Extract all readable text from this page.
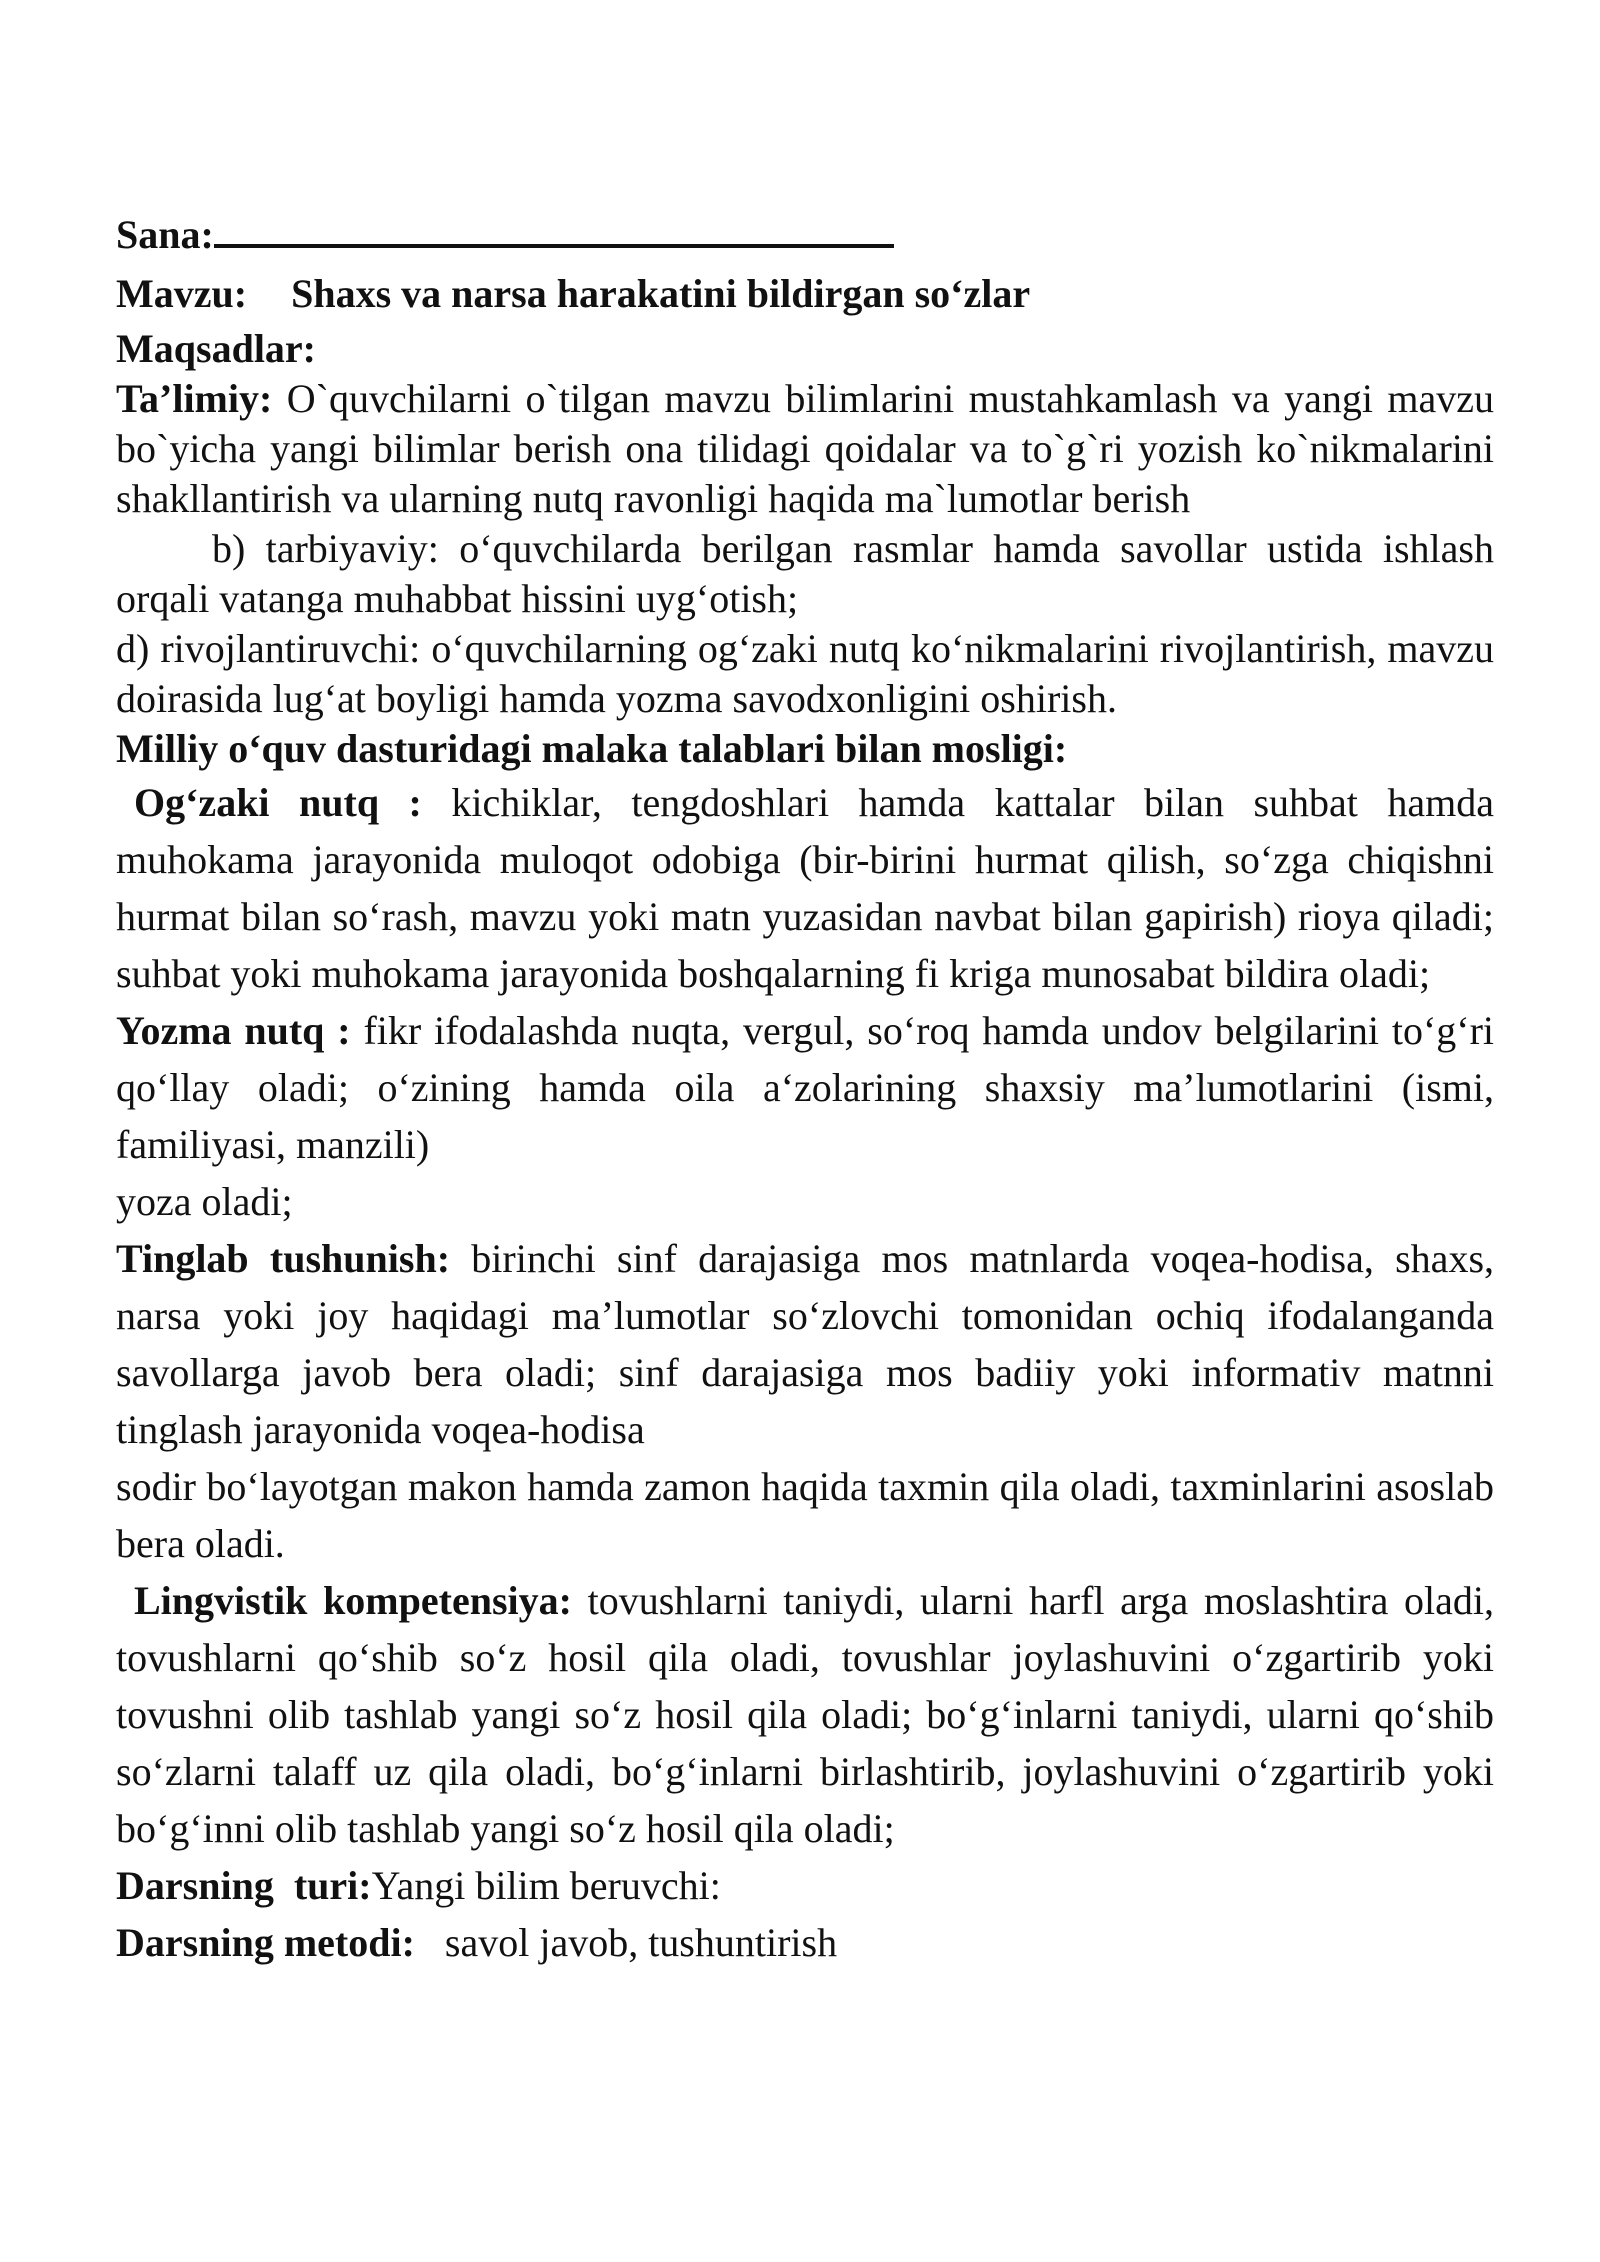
Sana:
Mavzu: Shaxs va narsa harakatini bildirgan so‘zlar
Maqsadlar:

Ta’limiy: O`quvchilarni o`tilgan mavzu bilimlarini mustahkamlash va yangi mavzu bo`yicha yangi bilimlar berish ona tilidagi qoidalar va to`g`ri yozish ko`nikmalarini shakllantirish va ularning nutq ravonligi haqida ma`lumotlar berish

b) tarbiyaviy: o‘quvchilarda berilgan rasmlar hamda savollar ustida ishlash orqali vatanga muhabbat hissini uyg‘otish;

d) rivojlantiruvchi: o‘quvchilarning og‘zaki nutq ko‘nikmalarini rivojlantirish, mavzu doirasida lug‘at boyligi hamda yozma savodxonligini oshirish.

Milliy o‘quv dasturidagi malaka talablari bilan mosligi:

Og‘zaki nutq : kichiklar, tengdoshlari hamda kattalar bilan suhbat hamda muhokama jarayonida muloqot odobiga (bir-birini hurmat qilish, so‘zga chiqishni hurmat bilan so‘rash, mavzu yoki matn yuzasidan navbat bilan gapirish) rioya qiladi; suhbat yoki muhokama jarayonida boshqalarning fi kriga munosabat bildira oladi;

Yozma nutq : fikr ifodalashda nuqta, vergul, so‘roq hamda undov belgilarini to‘g‘ri qo‘llay oladi; o‘zining hamda oila a‘zolarining shaxsiy ma’lumotlarini (ismi, familiyasi, manzili)

yoza oladi;

Tinglab tushunish: birinchi sinf darajasiga mos matnlarda voqea-hodisa, shaxs, narsa yoki joy haqidagi ma’lumotlar so‘zlovchi tomonidan ochiq ifodalanganda savollarga javob bera oladi; sinf darajasiga mos badiiy yoki informativ matnni tinglash jarayonida voqea-hodisa

sodir bo‘layotgan makon hamda zamon haqida taxmin qila oladi, taxminlarini asoslab bera oladi.

Lingvistik kompetensiya: tovushlarni taniydi, ularni harfl arga moslashtira oladi, tovushlarni qo‘shib so‘z hosil qila oladi, tovushlar joylashuvini o‘zgartirib yoki tovushni olib tashlab yangi so‘z hosil qila oladi; bo‘g‘inlarni taniydi, ularni qo‘shib so‘zlarni talaff uz qila oladi, bo‘g‘inlarni birlashtirib, joylashuvini o‘zgartirib yoki bo‘g‘inni olib tashlab yangi so‘z hosil qila oladi;

Darsning  turi:Yangi bilim beruvchi:
Darsning metodi: savol javob, tushuntirish
